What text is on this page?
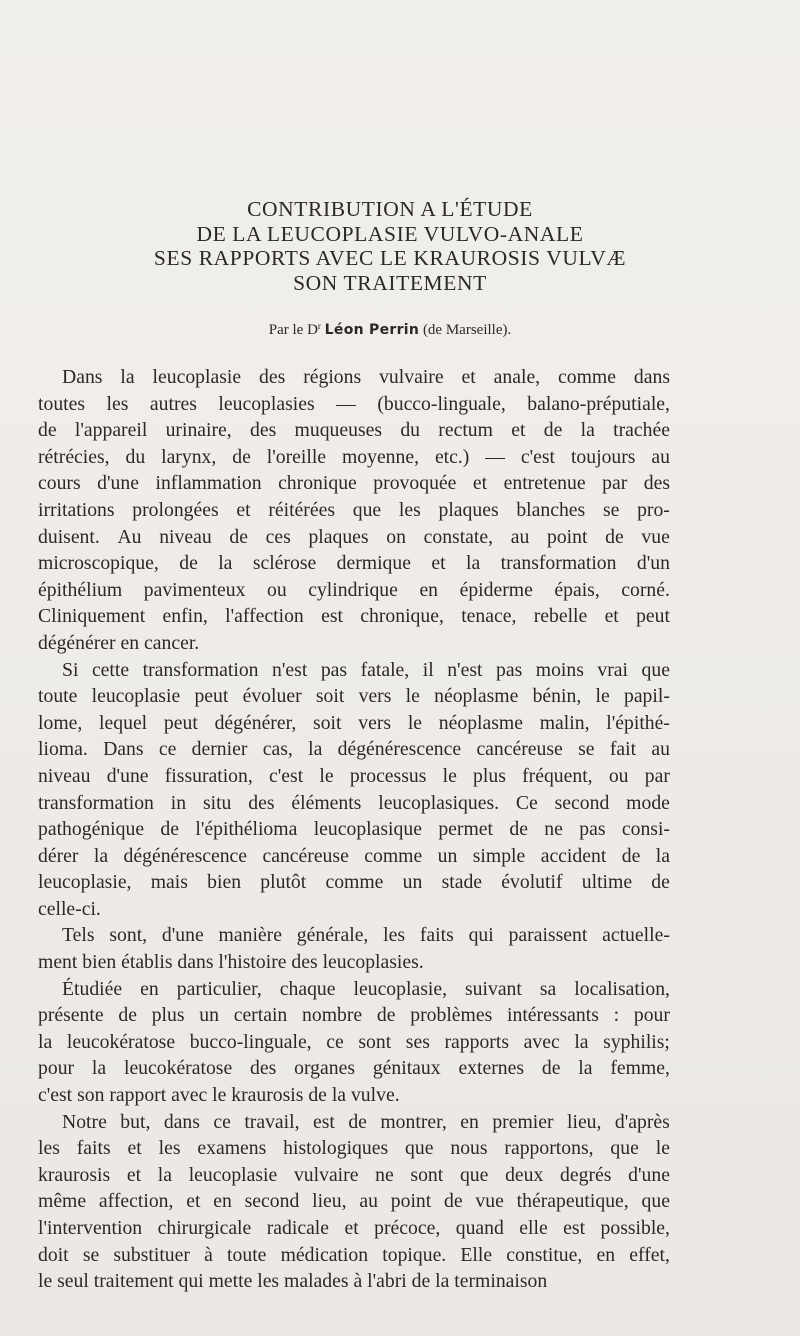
CONTRIBUTION A L'ÉTUDE
DE LA LEUCOPLASIE VULVO-ANALE
SES RAPPORTS AVEC LE KRAUROSIS VULVÆ
SON TRAITEMENT
Par le $D^r$ Léon Perrin (de Marseille).
Dans la leucoplasie des régions vulvaire et anale, comme dans
toutes les autres leucoplasies — (bucco-linguale, balano-préputiale,
de l'appareil urinaire, des muqueuses du rectum et de la trachée
rétrécies, du larynx, de l'oreille moyenne, etc.) — c'est toujours au
cours d'une inflammation chronique provoquée et entretenue par des
irritations prolongées et réitérées que les plaques blanches se pro-
duisent. Au niveau de ces plaques on constate, au point de vue
microscopique, de la sclérose dermique et la transformation d'un
épithélium pavimenteux ou cylindrique en épiderme épais, corné.
Cliniquement enfin, l'affection est chronique, tenace, rebelle et peut
dégénérer en cancer.
Si cette transformation n'est pas fatale, il n'est pas moins vrai que
toute leucoplasie peut évoluer soit vers le néoplasme bénin, le papil-
lome, lequel peut dégénérer, soit vers le néoplasme malin, l'épithé-
lioma. Dans ce dernier cas, la dégénérescence cancéreuse se fait au
niveau d'une fissuration, c'est le processus le plus fréquent, ou par
transformation in situ des éléments leucoplasiques. Ce second mode
pathogénique de l'épithélioma leucoplasique permet de ne pas consi-
dérer la dégénérescence cancéreuse comme un simple accident de la
leucoplasie, mais bien plutôt comme un stade évolutif ultime de
celle-ci.
Tels sont, d'une manière générale, les faits qui paraissent actuelle-
ment bien établis dans l'histoire des leucoplasies.
Étudiée en particulier, chaque leucoplasie, suivant sa localisation,
présente de plus un certain nombre de problèmes intéressants : pour
la leucokératose bucco-linguale, ce sont ses rapports avec la syphilis;
pour la leucokératose des organes génitaux externes de la femme,
c'est son rapport avec le kraurosis de la vulve.
Notre but, dans ce travail, est de montrer, en premier lieu, d'après
les faits et les examens histologiques que nous rapportons, que le
kraurosis et la leucoplasie vulvaire ne sont que deux degrés d'une
même affection, et en second lieu, au point de vue thérapeutique, que
l'intervention chirurgicale radicale et précoce, quand elle est possible,
doit se substituer à toute médication topique. Elle constitue, en effet,
le seul traitement qui mette les malades à l'abri de la terminaison
